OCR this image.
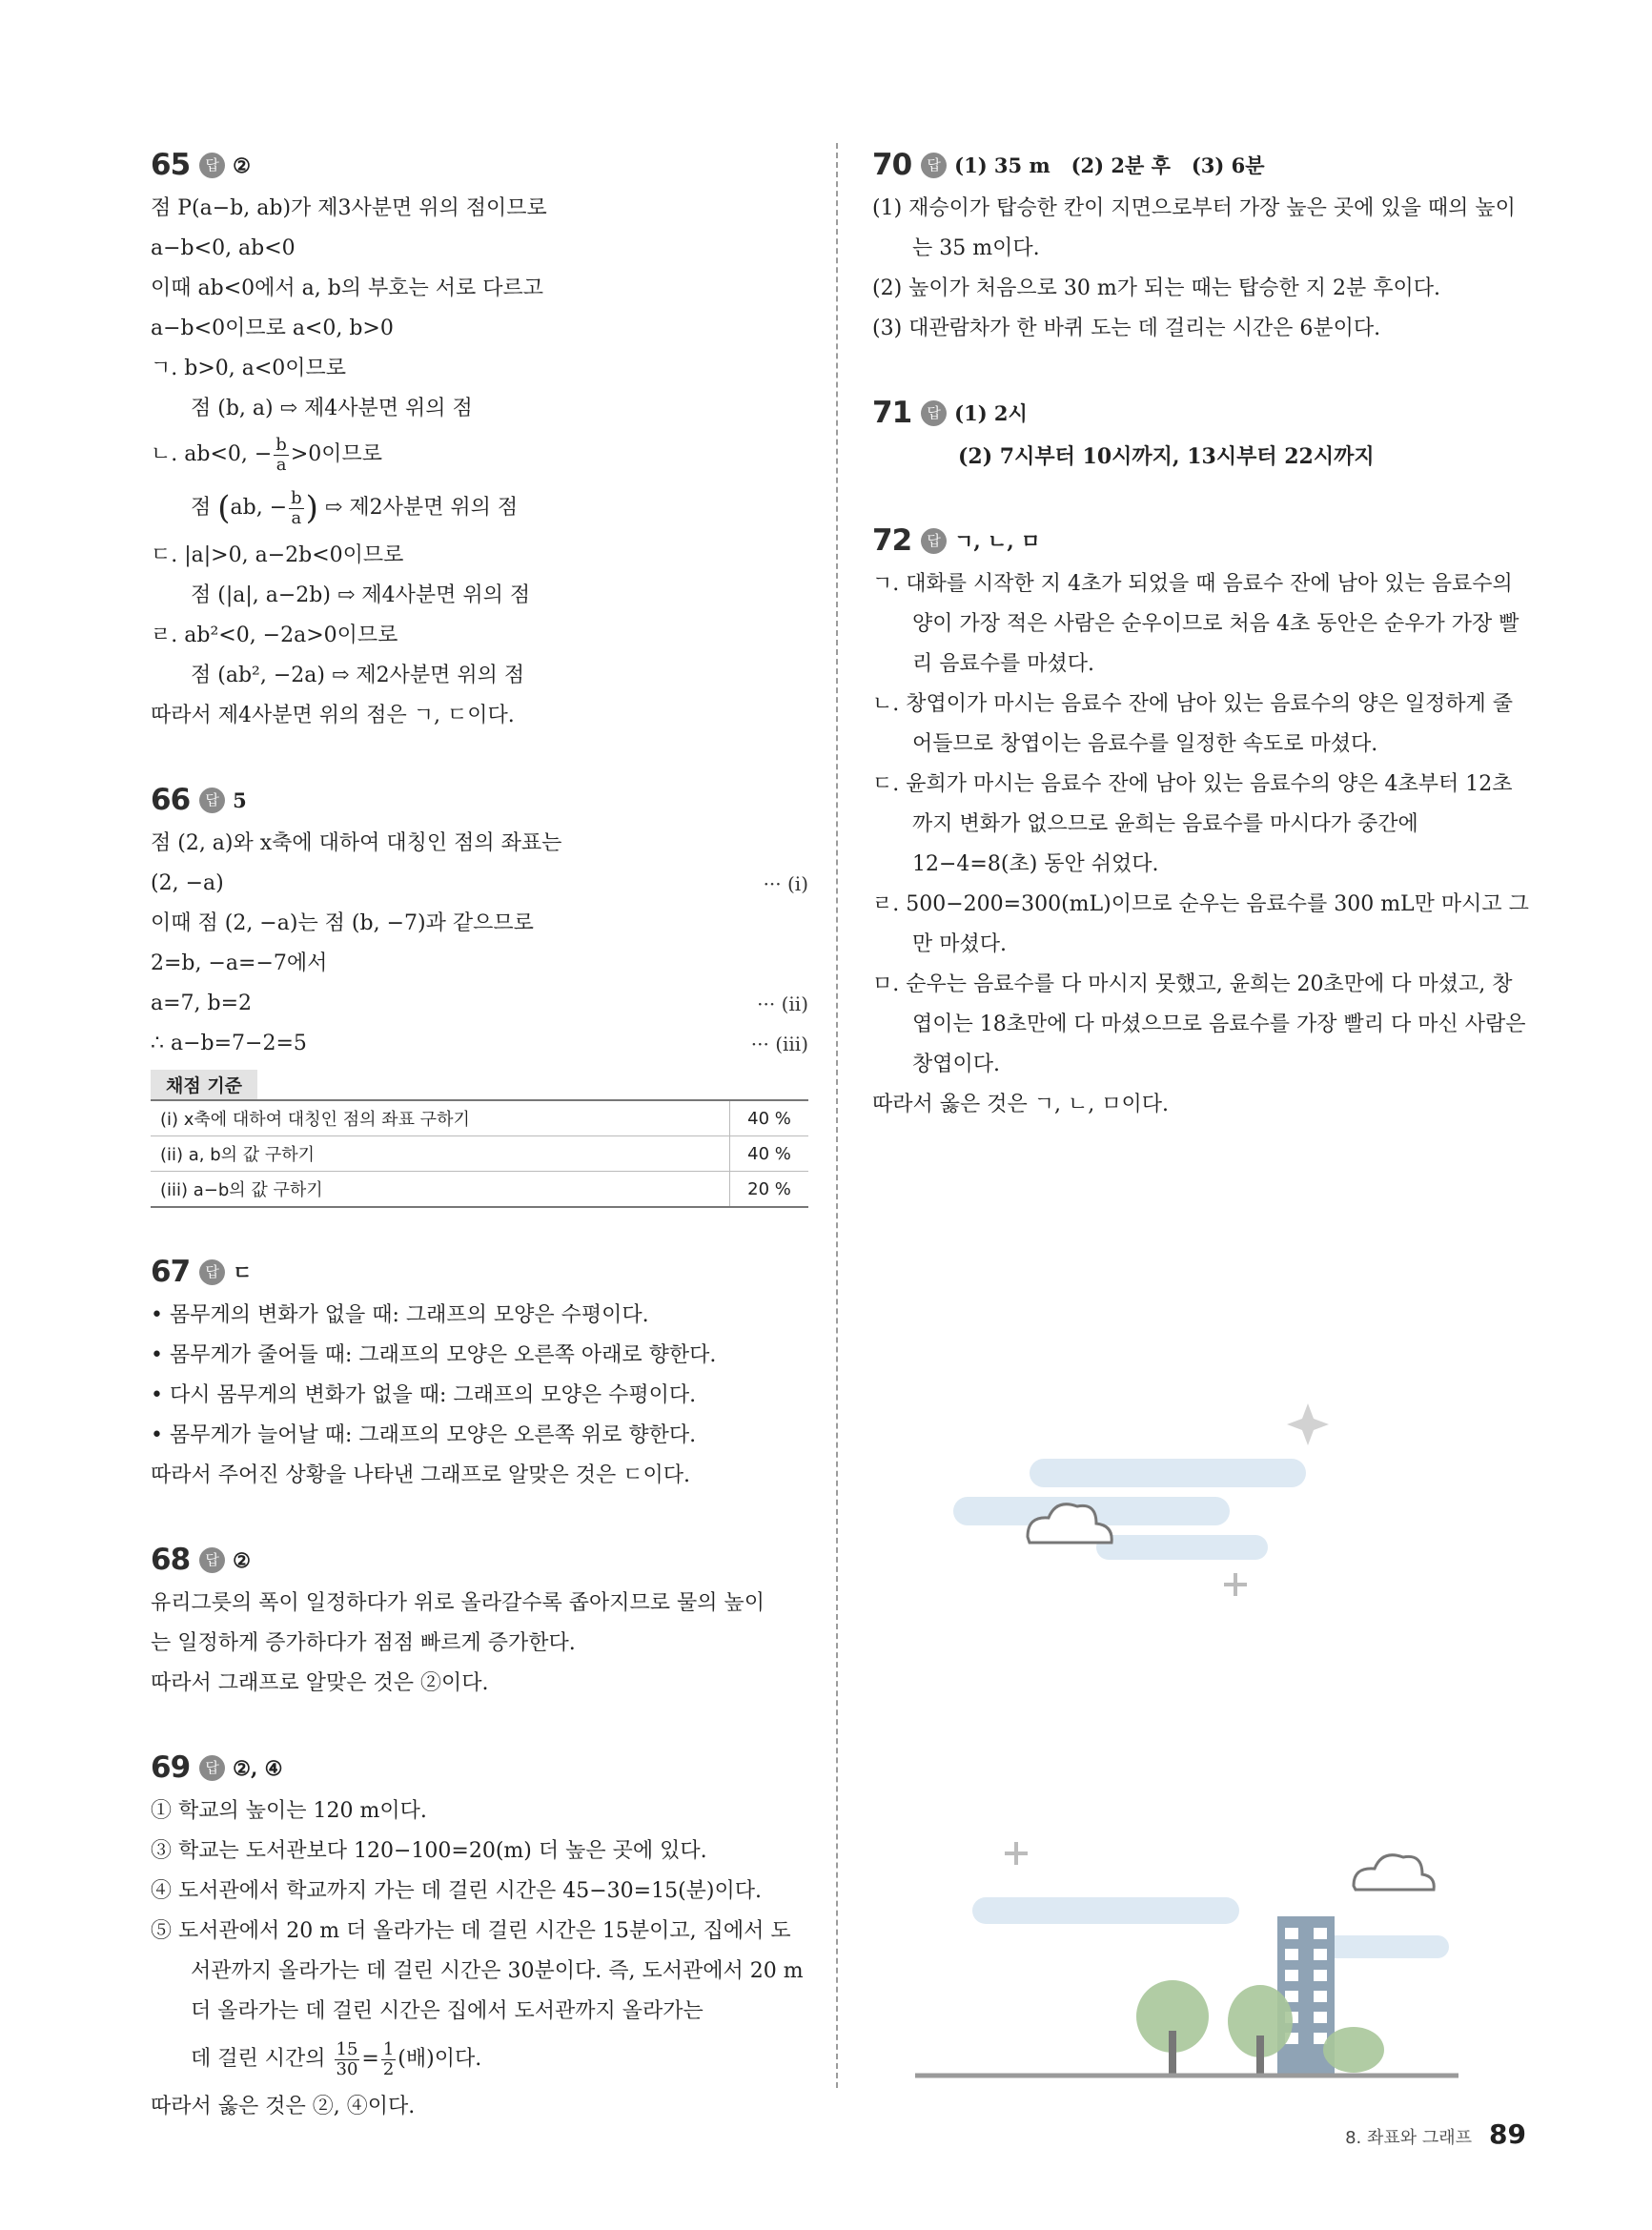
65	답 ②
점 P(a−b, ab)가 제3사분면 위의 점이므로
a−b<0, ab<0
이때 ab<0에서 a, b의 부호는 서로 다르고
a−b<0이므로 a<0, b>0
ㄱ. b>0, a<0이므로
점 (b, a) ⇨ 제4사분면 위의 점
ㄴ. ab<0, − $\frac{b}{a} >0$이므로
점 (ab, − $\frac{b}{a}$ ) ⇨ 제2사분면 위의 점
ㄷ. |a|>0, a−2b<0이므로
점 (|a|, a−2b) ⇨ 제4사분면 위의 점
ㄹ. ab²<0, −2a>0이므로
점 (ab², −2a) ⇨ 제2사분면 위의 점
따라서 제4사분면 위의 점은 ㄱ, ㄷ이다.
66	답 5
점 (2, a)와 x축에 대하여 대칭인 점의 좌표는
(2, −a)	··· (i)
이때 점 (2, −a)는 점 (b, −7)과 같으므로
2=b, −a=−7에서
a=7, b=2	··· (ii)
∴ a−b=7−2=5	··· (iii)
채점 기준
(i) x축에 대하여 대칭인 점의 좌표 구하기	40 %
(ii) a, b의 값 구하기	40 %
(iii) a−b의 값 구하기	20 %
67	답 ㄷ
• 몸무게의 변화가 없을 때: 그래프의 모양은 수평이다.
• 몸무게가 줄어들 때: 그래프의 모양은 오른쪽 아래로 향한다.
• 다시 몸무게의 변화가 없을 때: 그래프의 모양은 수평이다.
• 몸무게가 늘어날 때: 그래프의 모양은 오른쪽 위로 향한다.
따라서 주어진 상황을 나타낸 그래프로 알맞은 것은 ㄷ이다.
68	답 ②
유리그릇의 폭이 일정하다가 위로 올라갈수록 좁아지므로 물의 높이
는 일정하게 증가하다가 점점 빠르게 증가한다.
따라서 그래프로 알맞은 것은 ②이다.
69	답 ②, ④
① 학교의 높이는 120 m이다.
③ 학교는 도서관보다 120−100=20(m) 더 높은 곳에 있다.
④ 도서관에서 학교까지 가는 데 걸린 시간은 45−30=15(분)이다.
⑤ 도서관에서 20 m 더 올라가는 데 걸린 시간은 15분이고, 집에서 도서관까지 올라가는 데 걸린 시간은 30분이다. 즉, 도서관에서 20 m 더 올라가는 데 걸린 시간은 집에서 도서관까지 올라가는
데 걸린 시간의 $\frac{15}{30} = \frac{1}{2}$ (배)이다.
따라서 옳은 것은 ②, ④이다.
70	답 (1) 35 m   (2) 2분 후   (3) 6분
(1) 재승이가 탑승한 칸이 지면으로부터 가장 높은 곳에 있을 때의 높이는 35 m이다.
(2) 높이가 처음으로 30 m가 되는 때는 탑승한 지 2분 후이다.
(3) 대관람차가 한 바퀴 도는 데 걸리는 시간은 6분이다.
71	답 (1) 2시
(2) 7시부터 10시까지, 13시부터 22시까지
72	답 ㄱ, ㄴ, ㅁ
ㄱ. 대화를 시작한 지 4초가 되었을 때 음료수 잔에 남아 있는 음료수의 양이 가장 적은 사람은 순우이므로 처음 4초 동안은 순우가 가장 빨리 음료수를 마셨다.
ㄴ. 창엽이가 마시는 음료수 잔에 남아 있는 음료수의 양은 일정하게 줄어들므로 창엽이는 음료수를 일정한 속도로 마셨다.
ㄷ. 윤희가 마시는 음료수 잔에 남아 있는 음료수의 양은 4초부터 12초까지 변화가 없으므로 윤희는 음료수를 마시다가 중간에 12−4=8(초) 동안 쉬었다.
ㄹ. 500−200=300(mL)이므로 순우는 음료수를 300 mL만 마시고 그만 마셨다.
ㅁ. 순우는 음료수를 다 마시지 못했고, 윤희는 20초만에 다 마셨고, 창엽이는 18초만에 다 마셨으므로 음료수를 가장 빨리 다 마신 사람은 창엽이다.
따라서 옳은 것은 ㄱ, ㄴ, ㅁ이다.
8. 좌표와 그래프 89
